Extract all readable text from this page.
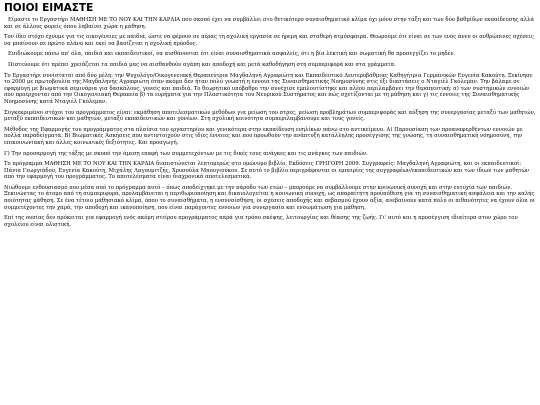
ΠΟΙΟΙ ΕΙΜΑΣΤΕ

Είμαστε το Εργαστήρι ΜΑΘΗΣΗ ΜΕ ΤΟ ΝΟΥ ΚΑΙ ΤΗΝ ΚΑΡΔΙΑ που σκοπό έχει να συμβάλλει στο θετικότερο συναισθηματικό κλίμα όχι μόνο στην τάξη και των δύο βαθμίδων εκπαίδευσης αλλά και σε άλλους φορείς όπου λαβαίνει χώρα η μάθηση.

Τον ίδιο στόχο έχουμε για τις οικογένειες με παιδιά, ώστε να φέρουν σε πέρας τη σχολική εργασία σε ήρεμη και σταθερή ατμόσφαιρα. Θεωρούμε ότι είναι σε των ενός άνευ οι ανθρώπινες σχέσεις να μπαίνουν σε πρώτο πλάνο και εκεί να βασίζεται η σχολική πρόοδος.

Επιδιώκουμε πάνω απ' όλα, παιδιά και εκπαιδευτικοί, να αισθάνονται ότι είναι συναισθηματικά ασφαλείς, ότι η βία λεκτική και σωματική θα προσεγγίζει το μηδέν.

Πιστεύουμε ότι πρέπει χρειάζεται τα παιδιά μας να αισθανθούν αγάπη και αποδοχή και μετά καθοδήγηση στη συμπεριφορά και στα γράμματα.

Το Εργαστήρι συνίσταται από δύο μέλη: την Ψυχολόγο/Οικογενειακή Θεραπεύτρια Μαγδαληνή Αγραφιώτη και Εκπαιδευτικό Δευτεροβάθμιας Καθηγήτρια Γερμανικών Ευγενία Κακούτη. Ξεκίνησε το 2000 με πρωτοβουλία της Μαγδαληνής Αγραφιώτη όταν ακόμα δεν ήταν πολύ γνωστή η έννοια της Συναισθηματικής Νοημοσύνης στις έξι διαστάσεις ο Νταγιέλ Γκόλεμαν. Την βάλαμε σε εφαρμογή με βιωματικά σεμινάρια για δασκάλους, γονείς και παιδιά. Το θεωρητικό υπόβαθρο την συνέχισε εμπλουτίστηκε και πλέον περιλαμβάνει την θεραπευτική: α) των συστημικών εννοιών που προέρχονται από την Οικογενειακή Θεραπεία β) τα ευρήματα για την Πλαστικότητα του Νευρικού Συστήματος και πώς σχετίζονται με τη μάθηση και γ) τις έννοιες της Συναισθηματικής Νοημοσύνης κατά Νταγιέλ Γκόλεμαν.

Συγκεκριμένοι στόχοι του προγράμματος είναι: εκμάθηση αποτελεσματικών μεθόδων για μείωση του στρες, μείωση προβλημάτων συμπεριφοράς και αύξηση της συνεργασίας μεταξύ των μαθητών, μεταξύ εκπαιδευτικών και μαθητών, μεταξύ εκπαιδευτικών και γονέων. Στη σχολική κοινότητα συμπεριλαμβάνουμε και τους γονείς.

Μέθοδος της Εφαρμογής του προγράμματος στα πλαίσια του εργαστηρίου και γενικότερα στην εκπαίδευση ενηλίκων πάνω στο αντικείμενο. Α) Παρουσίαση των προαναφερθέντων εννοιών με πολλά παραδείγματα. Β) Βιωματικές Ασκήσεις που αντιστοιχούν στις ίδιες έννοιες και που προωθούν την ανάπτυξη κατάλληλης προσέγγισης της γνώσης, τη συναισθηματική νοημοσύνη, την επικοινωνιακή και άλλες κοινωνικές δεξιότητες. Και προαγωγή.

Γ) Την προσαρμογή της τάξης με σκοπό την άμεση επαφή των συμμετεχόντων με τις δικές τους ανάγκες και τις ανάγκες των παιδιών.

Το πρόγραμμα ΜΑΘΗΣΗ ΜΕ ΤΟ ΝΟΥ ΚΑΙ ΤΗΝ ΚΑΡΔΙΑ διαπιστώνεται λεπτομερώς στο ομώνυμο βιβλίο, Εκδόσεις ΓΡΗΓΟΡΗ 2009. Συγγραφείς: Μαγδαληνή Αγραφιώτη, και οι εκπαιδευτικοί: Πάνια Γεωργιάδου, Ευγενία Κακούτη, Μιχάλης Λαγουμιτζής, Χρυσούλα Μπουγιούκου. Σε αυτό το βιβλίο περιγράφονται οι εμπειρίες της συγγραφέων/εκπαιδευτικών και των ίδιων των μαθητών από την εφαρμογή του προγράμματος. Το αποτελέσματα είναι διαχρονικά αποτελεσματικά.

Νιώθουμε ενθουσιασμό που μέσα από το πρόγραμμα αυτό – όπως αποδείχτηκε με την πάροδο των ετών – μπορούμε να συμβάλλουμε στην κοινωνική συνοχή και στην ευτυχία των παιδιών. Ξεκινώντας το άτομο από τη συμπεριφορά, προλαμβάνεται η περιθωριοποίηση και δικαιολογείται η κοινωνική συνοχή, ως απαραίτητη προϋπόθεση για τη συναισθηματική ασφάλεια και την καλής ποιότητας μάθηση. Σε ένα τέτοιο μαθησιακό κλίμα, όπου το συναισθήματα, η ενσυναίσθηση, οι σχέσεις αποδοχής και σεβασμού έχουν αξία, ανεβαίνουν κατά πολύ οι πιθανότητες να έχουν όλοι οι συμμετέχοντες την χαρά, την αποδοχή και ικανοποίηση, που είναι παράγοντες εννοιών για συνεργασία και ενσωμάτωση για μάθηση.

Επί της ουσίας δεν πρόκειται για εφαρμογή ενός ακόμη στείρου προγράμματος παρά για τρόπο σκέψης, λειτουργίας και θέασης της ζωής. Γι' αυτό και η προσέγγιση ιδιαίτερα στον χώρο του σχολείου είναι ολιστική.
